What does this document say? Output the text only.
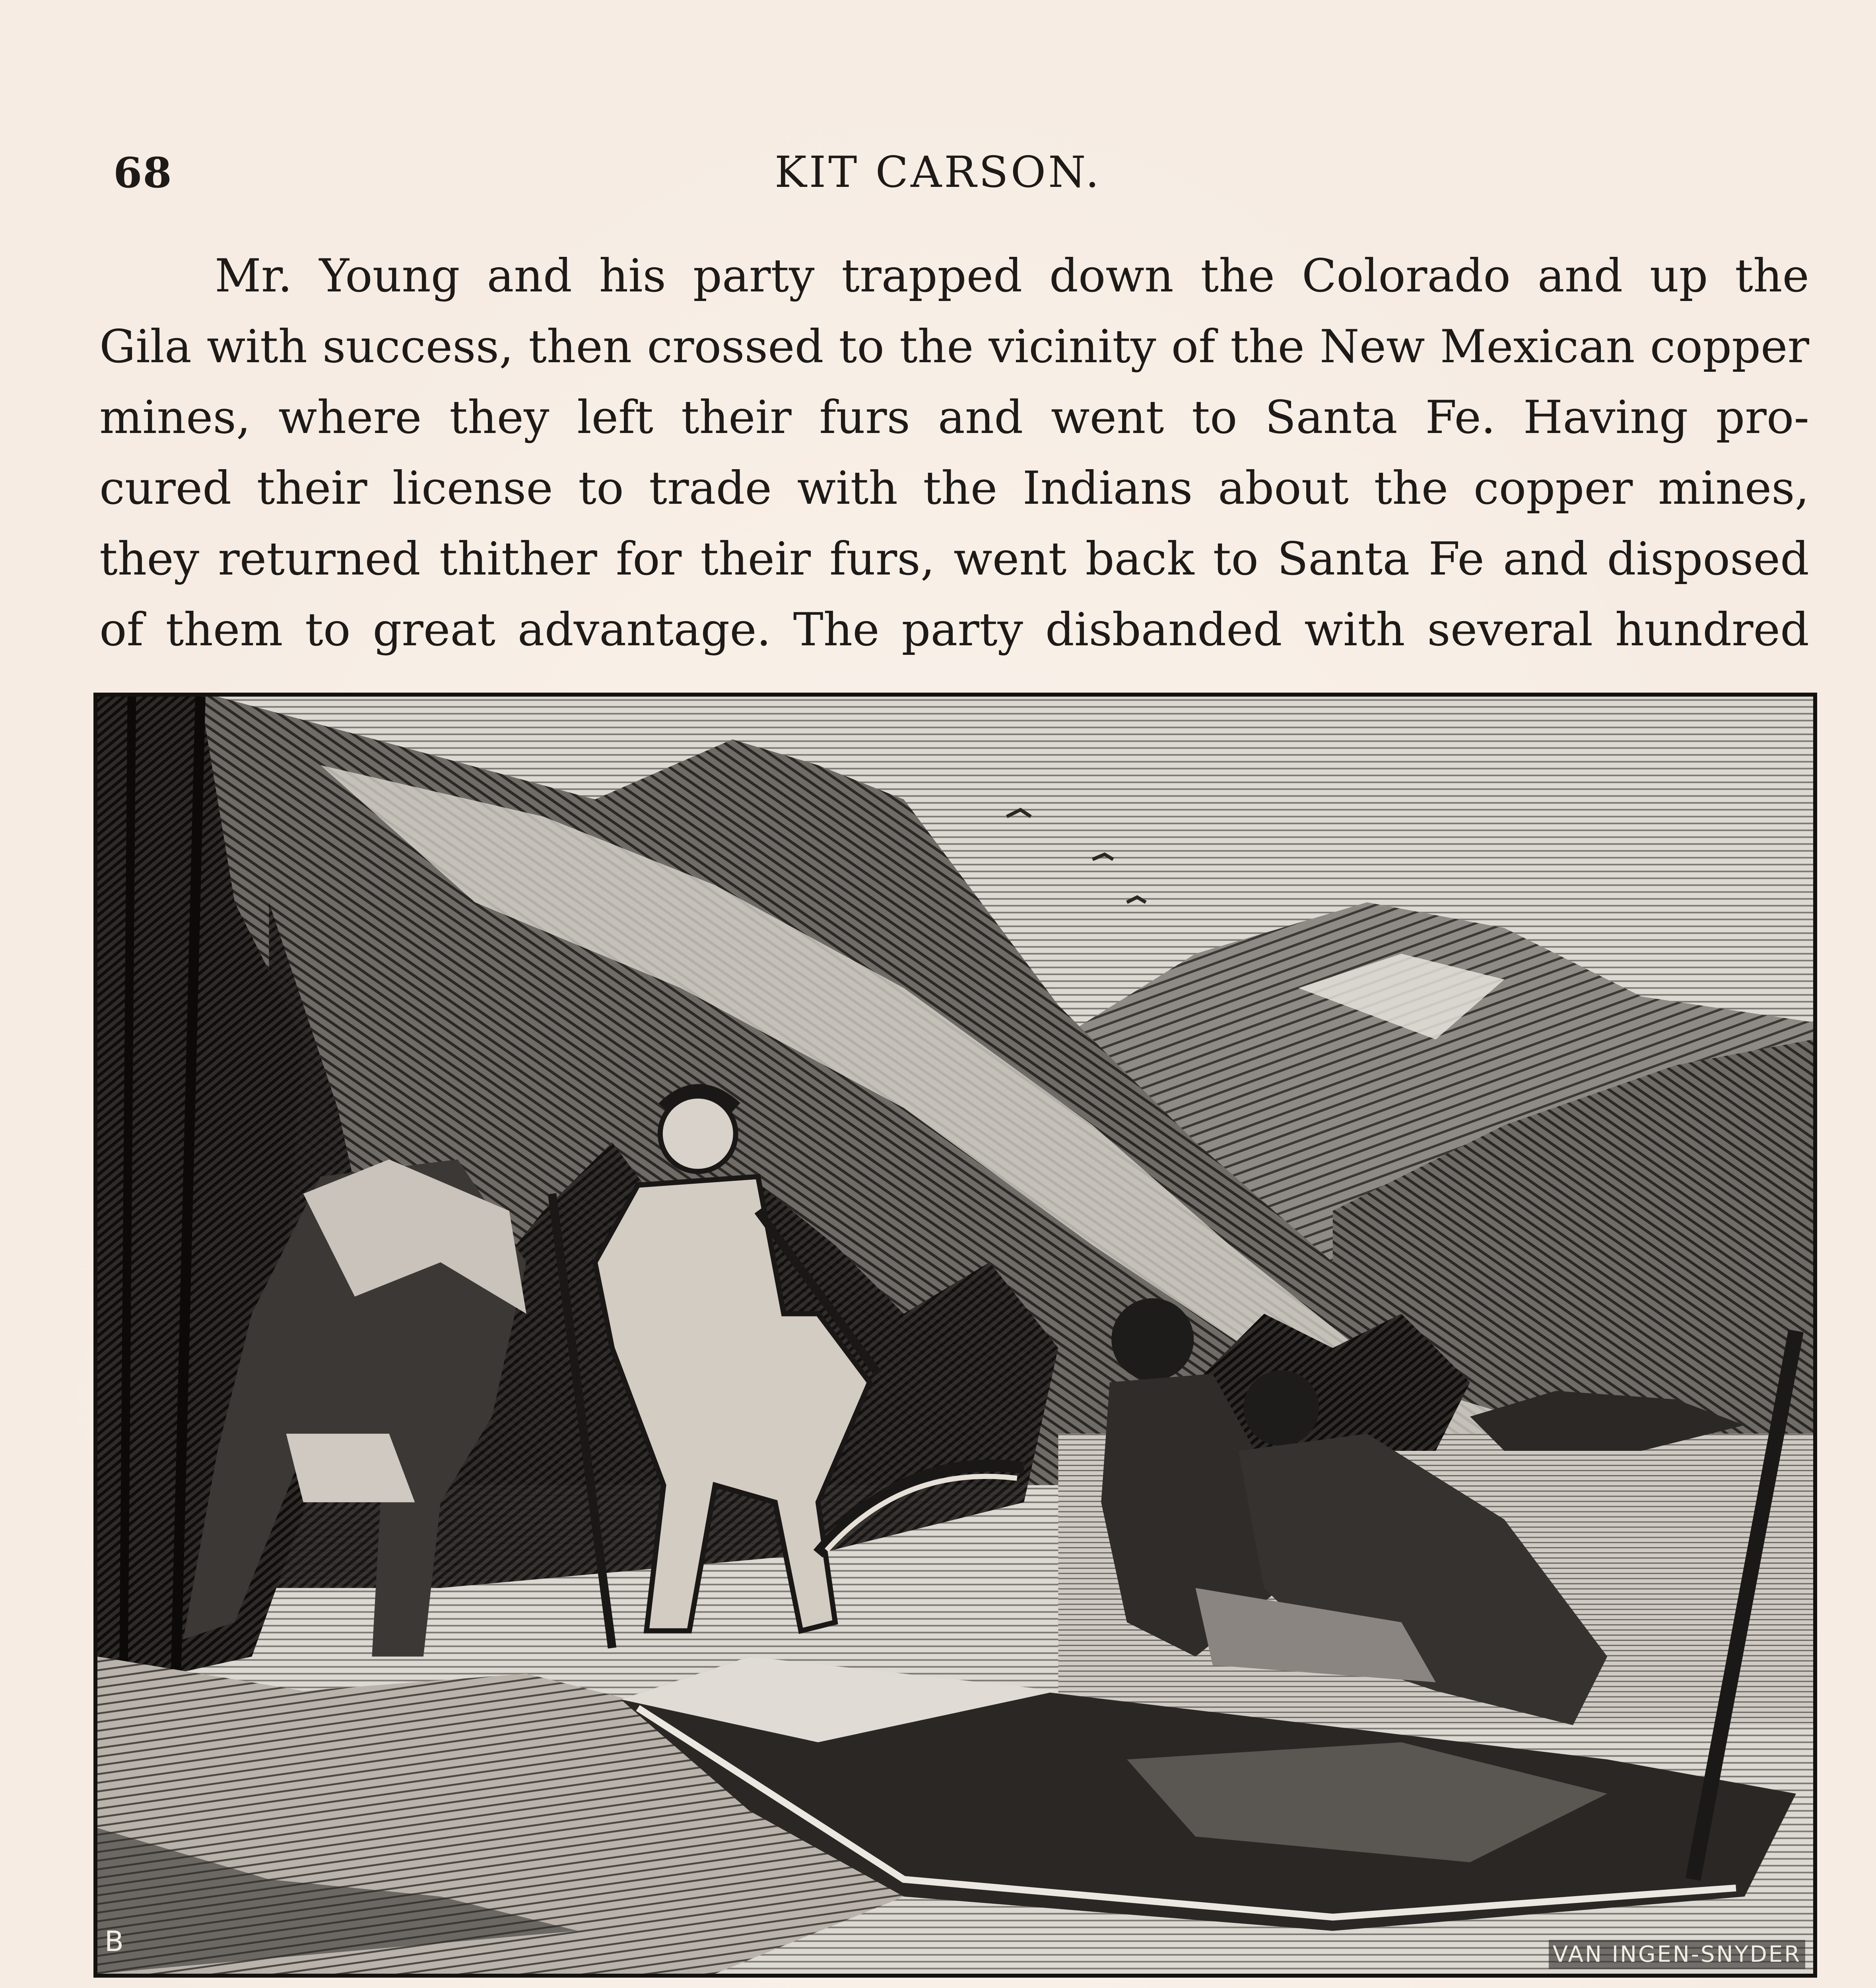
68	KIT CARSON.
Mr. Young and his party trapped down the Colorado and up the
Gila with success, then crossed to the vicinity of the New Mexican copper
mines, where they left their furs and went to Santa Fe. Having pro-
cured their license to trade with the Indians about the copper mines,
they returned thither for their furs, went back to Santa Fe and disposed
of them to great advantage. The party disbanded with several hundred
B	VAN INGEN-SNYDER
